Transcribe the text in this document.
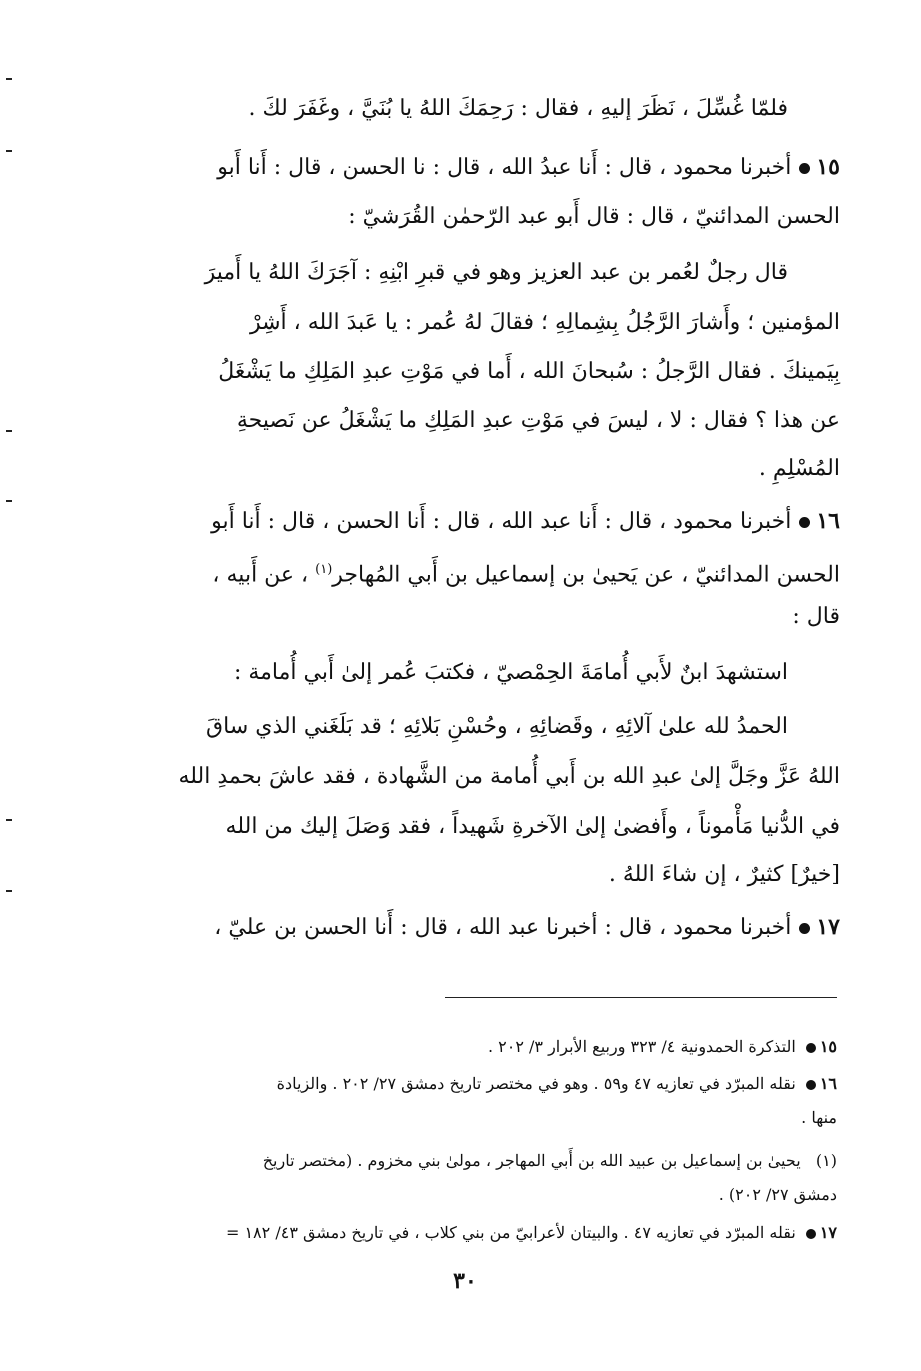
فلمّا غُسِّلَ ، نَظَرَ إليهِ ، فقال : رَحِمَكَ اللهُ يا بُنَيَّ ، وغَفَرَ لكَ .
١٥أخبرنا محمود ، قال : أَنا عبدُ الله ، قال : نا الحسن ، قال : أَنا أَبو
الحسن المدائنيّ ، قال : قال أَبو عبد الرّحمٰن القُرَشيّ :
قال رجلٌ لعُمر بن عبد العزيز وهو في قبرِ ابْنِهِ : آجَرَكَ اللهُ يا أَميرَ
المؤمنين ؛ وأَشارَ الرَّجُلُ بِشِمالِهِ ؛ فقالَ لهُ عُمر : يا عَبدَ الله ، أَشِرْ
بِيَمينكَ . فقال الرَّجلُ : سُبحانَ الله ، أَما في مَوْتِ عبدِ المَلِكِ ما يَشْغَلُ
عن هذا ؟ فقال : لا ، ليسَ في مَوْتِ عبدِ المَلِكِ ما يَشْغَلُ عن نَصيحةِ
المُسْلِمِ .
١٦أخبرنا محمود ، قال : أَنا عبد الله ، قال : أَنا الحسن ، قال : أَنا أَبو
الحسن المدائنيّ ، عن يَحيىٰ بن إسماعيل بن أَبي المُهاجر$^{(١)}$ ، عن أَبيه ،
قال :
استشهدَ ابنٌ لأَبي أُمامَةَ الحِمْصيّ ، فكتبَ عُمر إلىٰ أَبي أُمامة :
الحمدُ لله علىٰ آلائِهِ ، وقَضائِهِ ، وحُسْنِ بَلائِهِ ؛ قد بَلَغَني الذي ساقَ
اللهُ عَزَّ وجَلَّ إلىٰ عبدِ الله بن أَبي أُمامة من الشَّهادة ، فقد عاشَ بحمدِ الله
في الدُّنيا مَأْموناً ، وأَفضىٰ إلىٰ الآخرةِ شَهيداً ، فقد وَصَلَ إليك من الله
[خيرٌ] كثيرٌ ، إن شاءَ اللهُ .
١٧أخبرنا محمود ، قال : أخبرنا عبد الله ، قال : أَنا الحسن بن عليّ ،
١٥التذكرة الحمدونية ٤/ ٣٢٣ وربيع الأبرار ٣/ ٢٠٢ .
١٦نقله المبرّد في تعازيه ٤٧ و٥٩ . وهو في مختصر تاريخ دمشق ٢٧/ ٢٠٢ . والزيادة
منها .
(١)   يحيىٰ بن إسماعيل بن عبيد الله بن أَبي المهاجر ، مولىٰ بني مخزوم . (مختصر تاريخ
دمشق ٢٧/ ٢٠٢) .
١٧نقله المبرّد في تعازيه ٤٧ . والبيتان لأعرابيّ من بني كلاب ، في تاريخ دمشق ٤٣/ ١٨٢ =
٣٠
